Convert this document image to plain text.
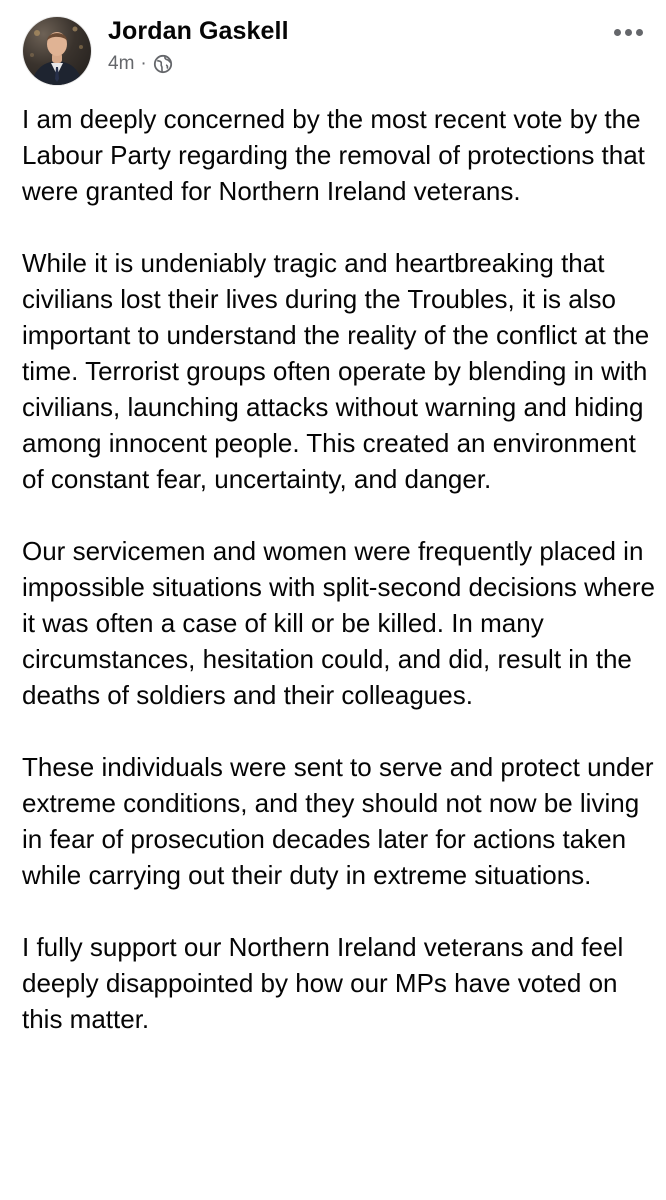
Jordan Gaskell
4m ·

I am deeply concerned by the most recent vote by the Labour Party regarding the removal of protections that were granted for Northern Ireland veterans.

While it is undeniably tragic and heartbreaking that civilians lost their lives during the Troubles, it is also important to understand the reality of the conflict at the time. Terrorist groups often operate by blending in with civilians, launching attacks without warning and hiding among innocent people. This created an environment of constant fear, uncertainty, and danger.

Our servicemen and women were frequently placed in impossible situations with split-second decisions where it was often a case of kill or be killed. In many circumstances, hesitation could, and did, result in the deaths of soldiers and their colleagues.

These individuals were sent to serve and protect under extreme conditions, and they should not now be living in fear of prosecution decades later for actions taken while carrying out their duty in extreme situations.

I fully support our Northern Ireland veterans and feel deeply disappointed by how our MPs have voted on this matter.
